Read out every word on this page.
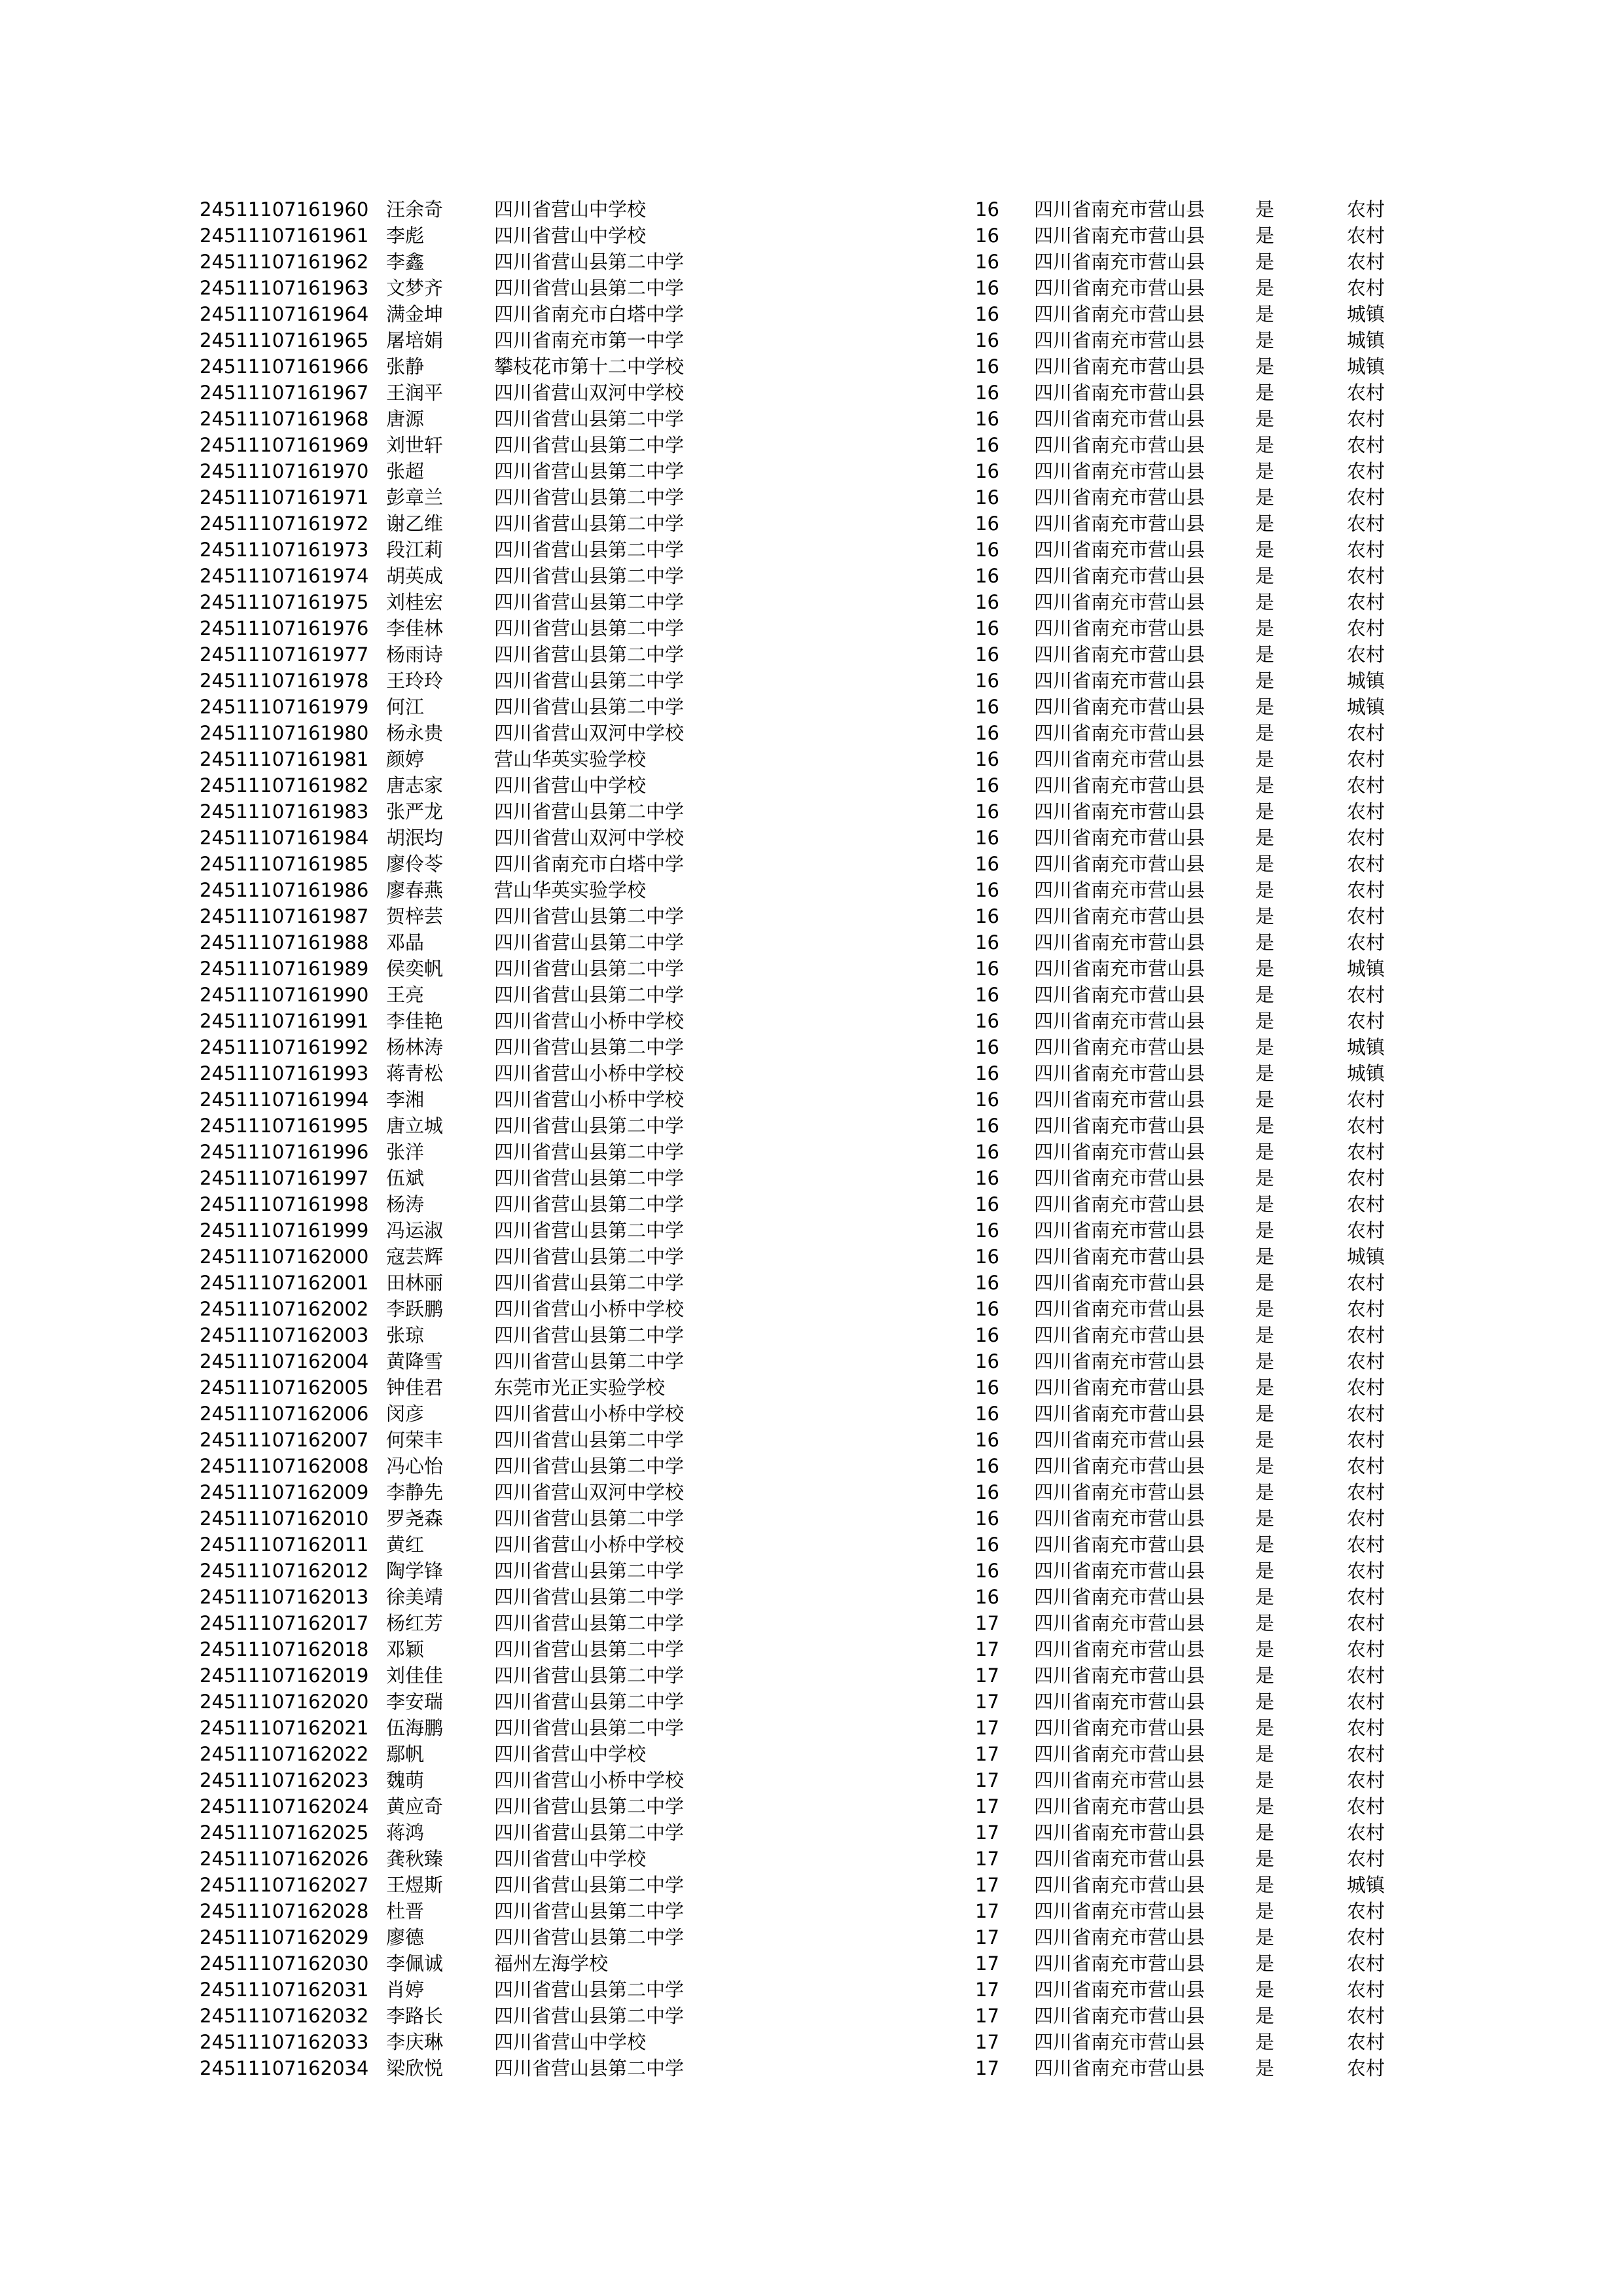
24511107161960 汪余奇	四川省营山中学校	16 四川省南充市营山县	是	农村
24511107161961 李彪	四川省营山中学校	16 四川省南充市营山县	是	农村
24511107161962 李鑫	四川省营山县第二中学	16 四川省南充市营山县	是	农村
24511107161963 文梦齐	四川省营山县第二中学	16 四川省南充市营山县	是	农村
24511107161964 满金坤	四川省南充市白塔中学	16 四川省南充市营山县	是	城镇
24511107161965 屠培娟	四川省南充市第一中学	16 四川省南充市营山县	是	城镇
24511107161966 张静	攀枝花市第十二中学校	16 四川省南充市营山县	是	城镇
24511107161967 王润平	四川省营山双河中学校	16 四川省南充市营山县	是	农村
24511107161968 唐源	四川省营山县第二中学	16 四川省南充市营山县	是	农村
24511107161969 刘世轩	四川省营山县第二中学	16 四川省南充市营山县	是	农村
24511107161970 张超	四川省营山县第二中学	16 四川省南充市营山县	是	农村
24511107161971 彭章兰	四川省营山县第二中学	16 四川省南充市营山县	是	农村
24511107161972 谢乙维	四川省营山县第二中学	16 四川省南充市营山县	是	农村
24511107161973 段江莉	四川省营山县第二中学	16 四川省南充市营山县	是	农村
24511107161974 胡英成	四川省营山县第二中学	16 四川省南充市营山县	是	农村
24511107161975 刘桂宏	四川省营山县第二中学	16 四川省南充市营山县	是	农村
24511107161976 李佳林	四川省营山县第二中学	16 四川省南充市营山县	是	农村
24511107161977 杨雨诗	四川省营山县第二中学	16 四川省南充市营山县	是	农村
24511107161978 王玲玲	四川省营山县第二中学	16 四川省南充市营山县	是	城镇
24511107161979 何江	四川省营山县第二中学	16 四川省南充市营山县	是	城镇
24511107161980 杨永贵	四川省营山双河中学校	16 四川省南充市营山县	是	农村
24511107161981 颜婷	营山华英实验学校	16 四川省南充市营山县	是	农村
24511107161982 唐志家	四川省营山中学校	16 四川省南充市营山县	是	农村
24511107161983 张严龙	四川省营山县第二中学	16 四川省南充市营山县	是	农村
24511107161984 胡泯均	四川省营山双河中学校	16 四川省南充市营山县	是	农村
24511107161985 廖伶苓	四川省南充市白塔中学	16 四川省南充市营山县	是	农村
24511107161986 廖春燕	营山华英实验学校	16 四川省南充市营山县	是	农村
24511107161987 贺梓芸	四川省营山县第二中学	16 四川省南充市营山县	是	农村
24511107161988 邓晶	四川省营山县第二中学	16 四川省南充市营山县	是	农村
24511107161989 侯奕帆	四川省营山县第二中学	16 四川省南充市营山县	是	城镇
24511107161990 王亮	四川省营山县第二中学	16 四川省南充市营山县	是	农村
24511107161991 李佳艳	四川省营山小桥中学校	16 四川省南充市营山县	是	农村
24511107161992 杨林涛	四川省营山县第二中学	16 四川省南充市营山县	是	城镇
24511107161993 蒋青松	四川省营山小桥中学校	16 四川省南充市营山县	是	城镇
24511107161994 李湘	四川省营山小桥中学校	16 四川省南充市营山县	是	农村
24511107161995 唐立城	四川省营山县第二中学	16 四川省南充市营山县	是	农村
24511107161996 张洋	四川省营山县第二中学	16 四川省南充市营山县	是	农村
24511107161997 伍斌	四川省营山县第二中学	16 四川省南充市营山县	是	农村
24511107161998 杨涛	四川省营山县第二中学	16 四川省南充市营山县	是	农村
24511107161999 冯运淑	四川省营山县第二中学	16 四川省南充市营山县	是	农村
24511107162000 寇芸辉	四川省营山县第二中学	16 四川省南充市营山县	是	城镇
24511107162001 田林丽	四川省营山县第二中学	16 四川省南充市营山县	是	农村
24511107162002 李跃鹏	四川省营山小桥中学校	16 四川省南充市营山县	是	农村
24511107162003 张琼	四川省营山县第二中学	16 四川省南充市营山县	是	农村
24511107162004 黄降雪	四川省营山县第二中学	16 四川省南充市营山县	是	农村
24511107162005 钟佳君	东莞市光正实验学校	16 四川省南充市营山县	是	农村
24511107162006 闵彦	四川省营山小桥中学校	16 四川省南充市营山县	是	农村
24511107162007 何荣丰	四川省营山县第二中学	16 四川省南充市营山县	是	农村
24511107162008 冯心怡	四川省营山县第二中学	16 四川省南充市营山县	是	农村
24511107162009 李静先	四川省营山双河中学校	16 四川省南充市营山县	是	农村
24511107162010 罗尧森	四川省营山县第二中学	16 四川省南充市营山县	是	农村
24511107162011 黄红	四川省营山小桥中学校	16 四川省南充市营山县	是	农村
24511107162012 陶学锋	四川省营山县第二中学	16 四川省南充市营山县	是	农村
24511107162013 徐美靖	四川省营山县第二中学	16 四川省南充市营山县	是	农村
24511107162017 杨红芳	四川省营山县第二中学	17 四川省南充市营山县	是	农村
24511107162018 邓颖	四川省营山县第二中学	17 四川省南充市营山县	是	农村
24511107162019 刘佳佳	四川省营山县第二中学	17 四川省南充市营山县	是	农村
24511107162020 李安瑞	四川省营山县第二中学	17 四川省南充市营山县	是	农村
24511107162021 伍海鹏	四川省营山县第二中学	17 四川省南充市营山县	是	农村
24511107162022 鄢帆	四川省营山中学校	17 四川省南充市营山县	是	农村
24511107162023 魏萌	四川省营山小桥中学校	17 四川省南充市营山县	是	农村
24511107162024 黄应奇	四川省营山县第二中学	17 四川省南充市营山县	是	农村
24511107162025 蒋鸿	四川省营山县第二中学	17 四川省南充市营山县	是	农村
24511107162026 龚秋臻	四川省营山中学校	17 四川省南充市营山县	是	农村
24511107162027 王煜斯	四川省营山县第二中学	17 四川省南充市营山县	是	城镇
24511107162028 杜晋	四川省营山县第二中学	17 四川省南充市营山县	是	农村
24511107162029 廖德	四川省营山县第二中学	17 四川省南充市营山县	是	农村
24511107162030 李佩诚	福州左海学校	17 四川省南充市营山县	是	农村
24511107162031 肖婷	四川省营山县第二中学	17 四川省南充市营山县	是	农村
24511107162032 李路长	四川省营山县第二中学	17 四川省南充市营山县	是	农村
24511107162033 李庆琳	四川省营山中学校	17 四川省南充市营山县	是	农村
24511107162034 梁欣悦	四川省营山县第二中学	17 四川省南充市营山县	是	农村
